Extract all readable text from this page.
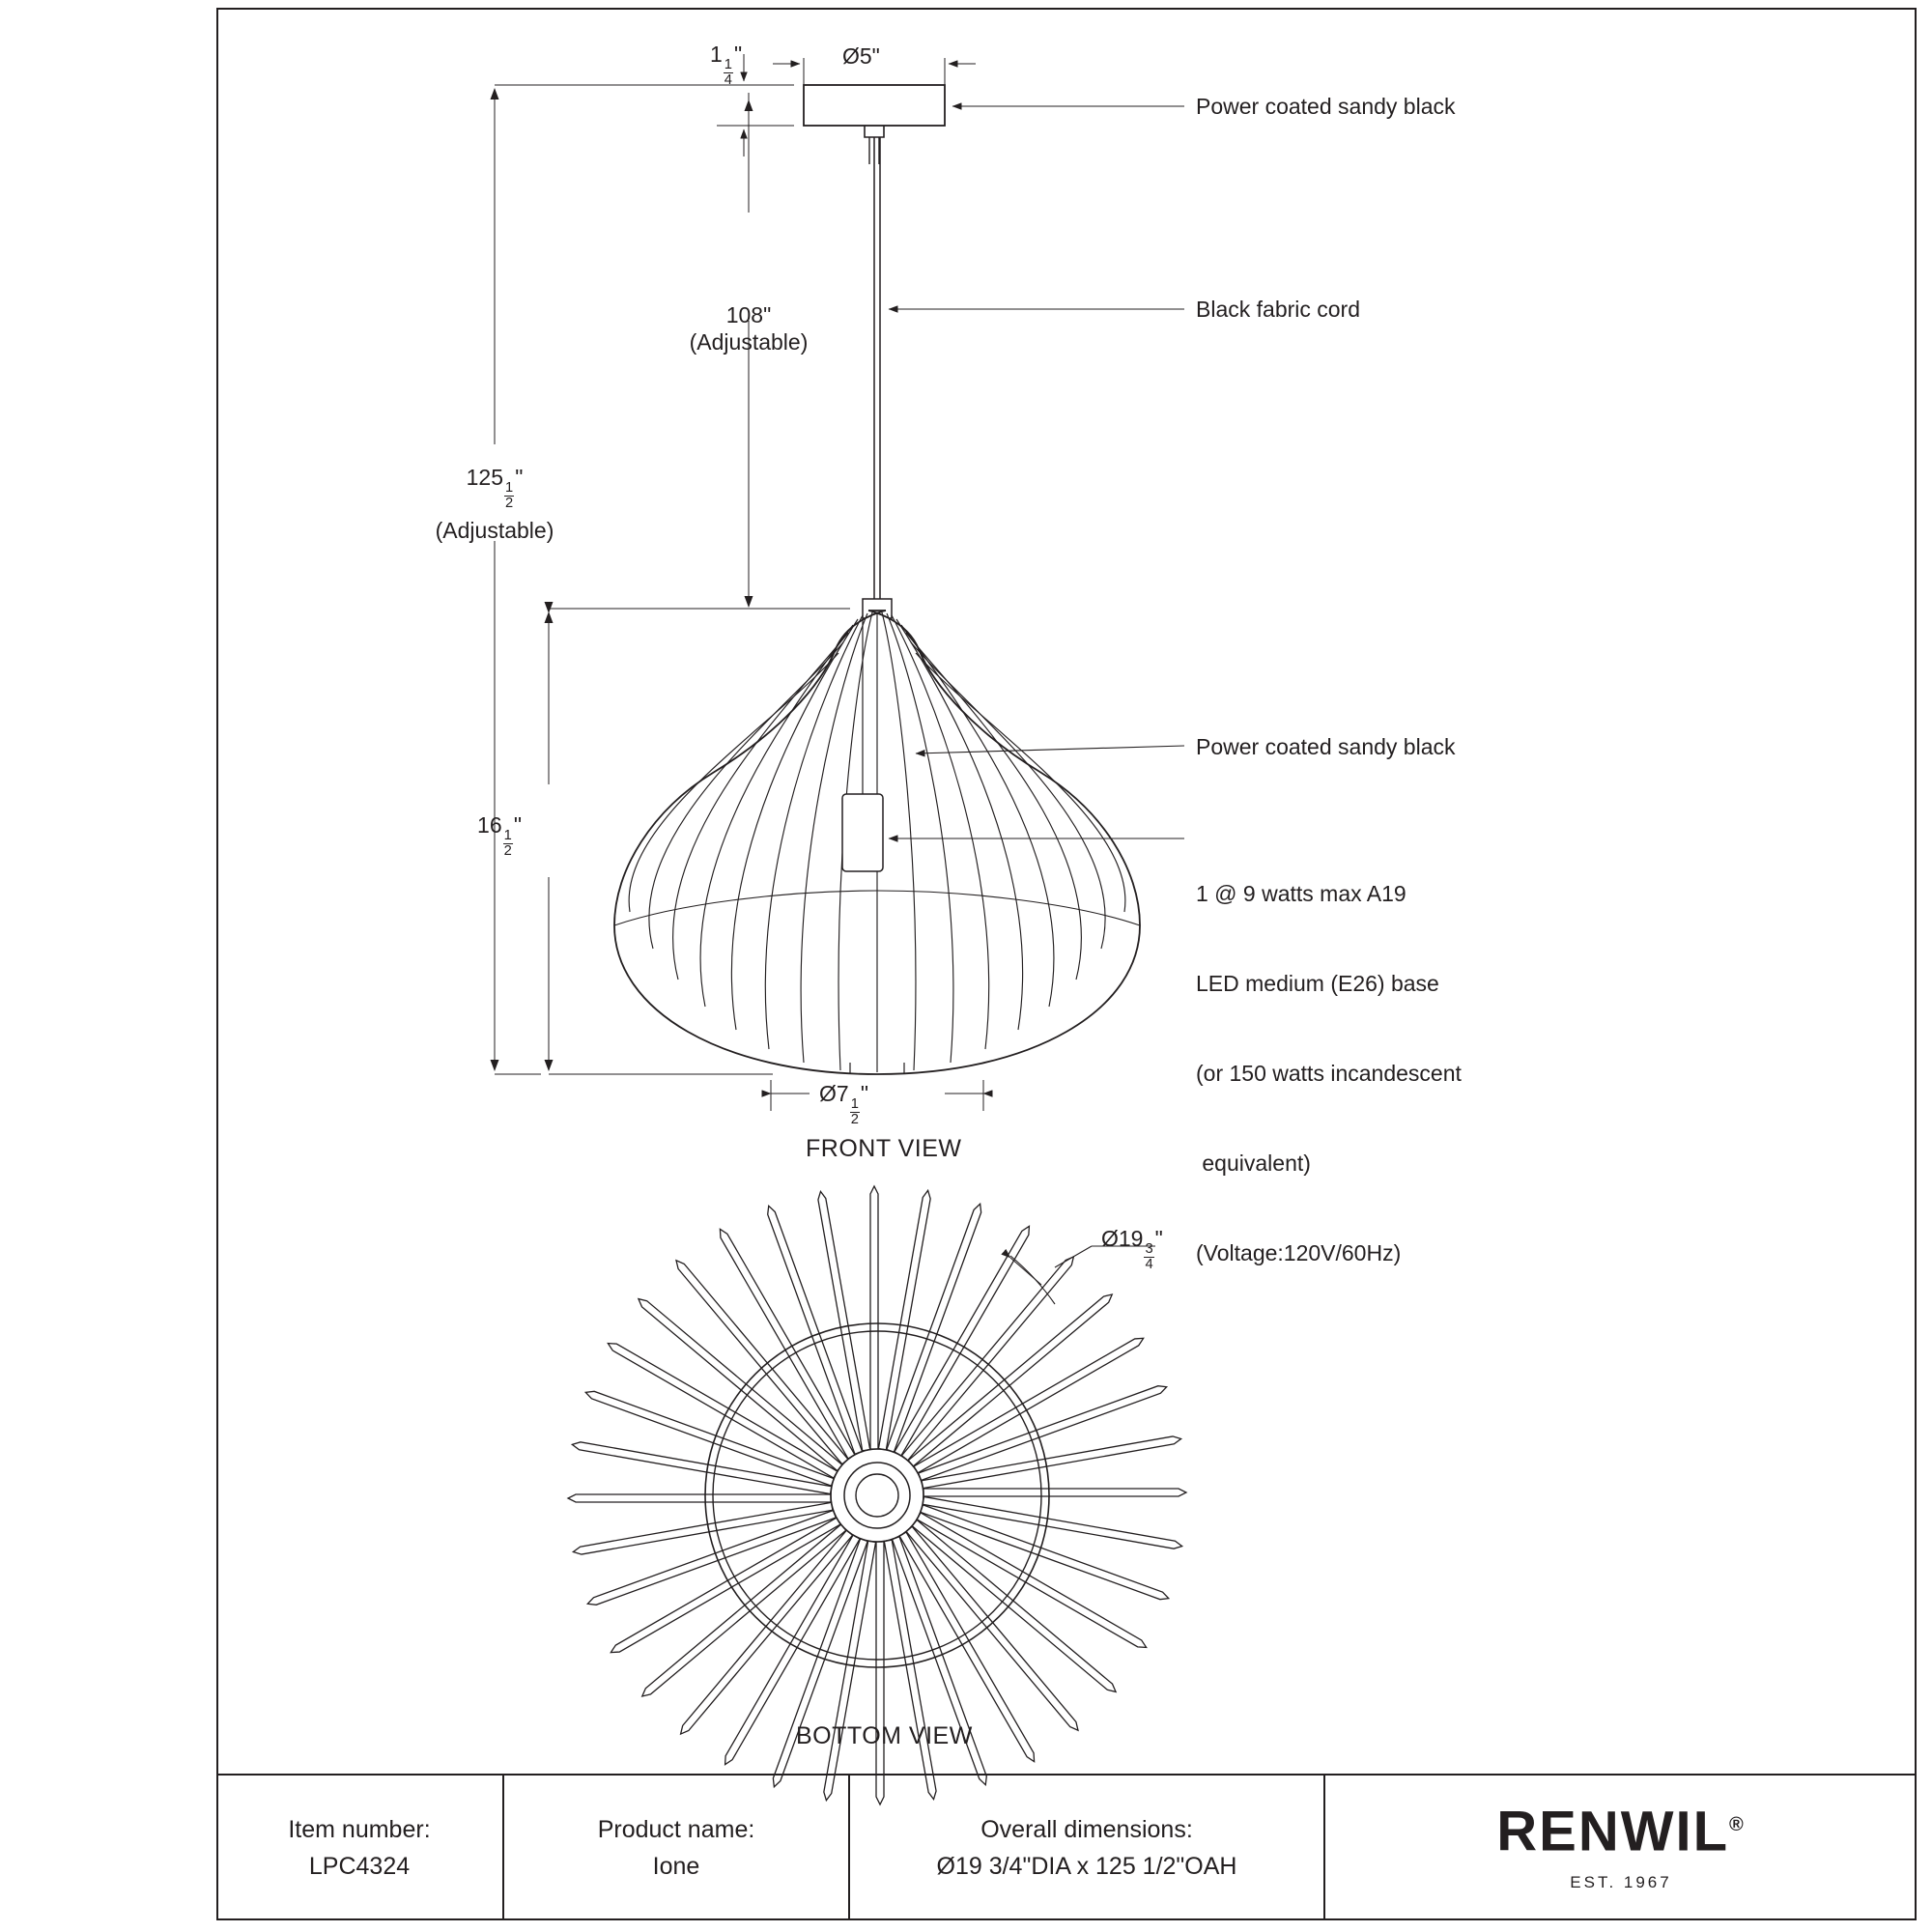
1
$\frac{1}{4}$
"	Ø5"
108"
(Adjustable)
125
$\frac{1}{2}$
"
(Adjustable)
16
$\frac{1}{2}$
"
Ø7
$\frac{1}{2}$
"
Ø19
$\frac{3}{4}$
"
Power coated sandy black
Black fabric cord
Power coated sandy black

1 @ 9 watts max A19

LED medium (E26) base

(or 150 watts incandescent

equivalent)

(Voltage:120V/60Hz)

FRONT VIEW
BOTTOM VIEW
Item number:
LPC4324
Product name:
Ione
Overall dimensions:
Ø19 3/4"DIA x 125 1/2"OAH
RENWIL®
EST. 1967
